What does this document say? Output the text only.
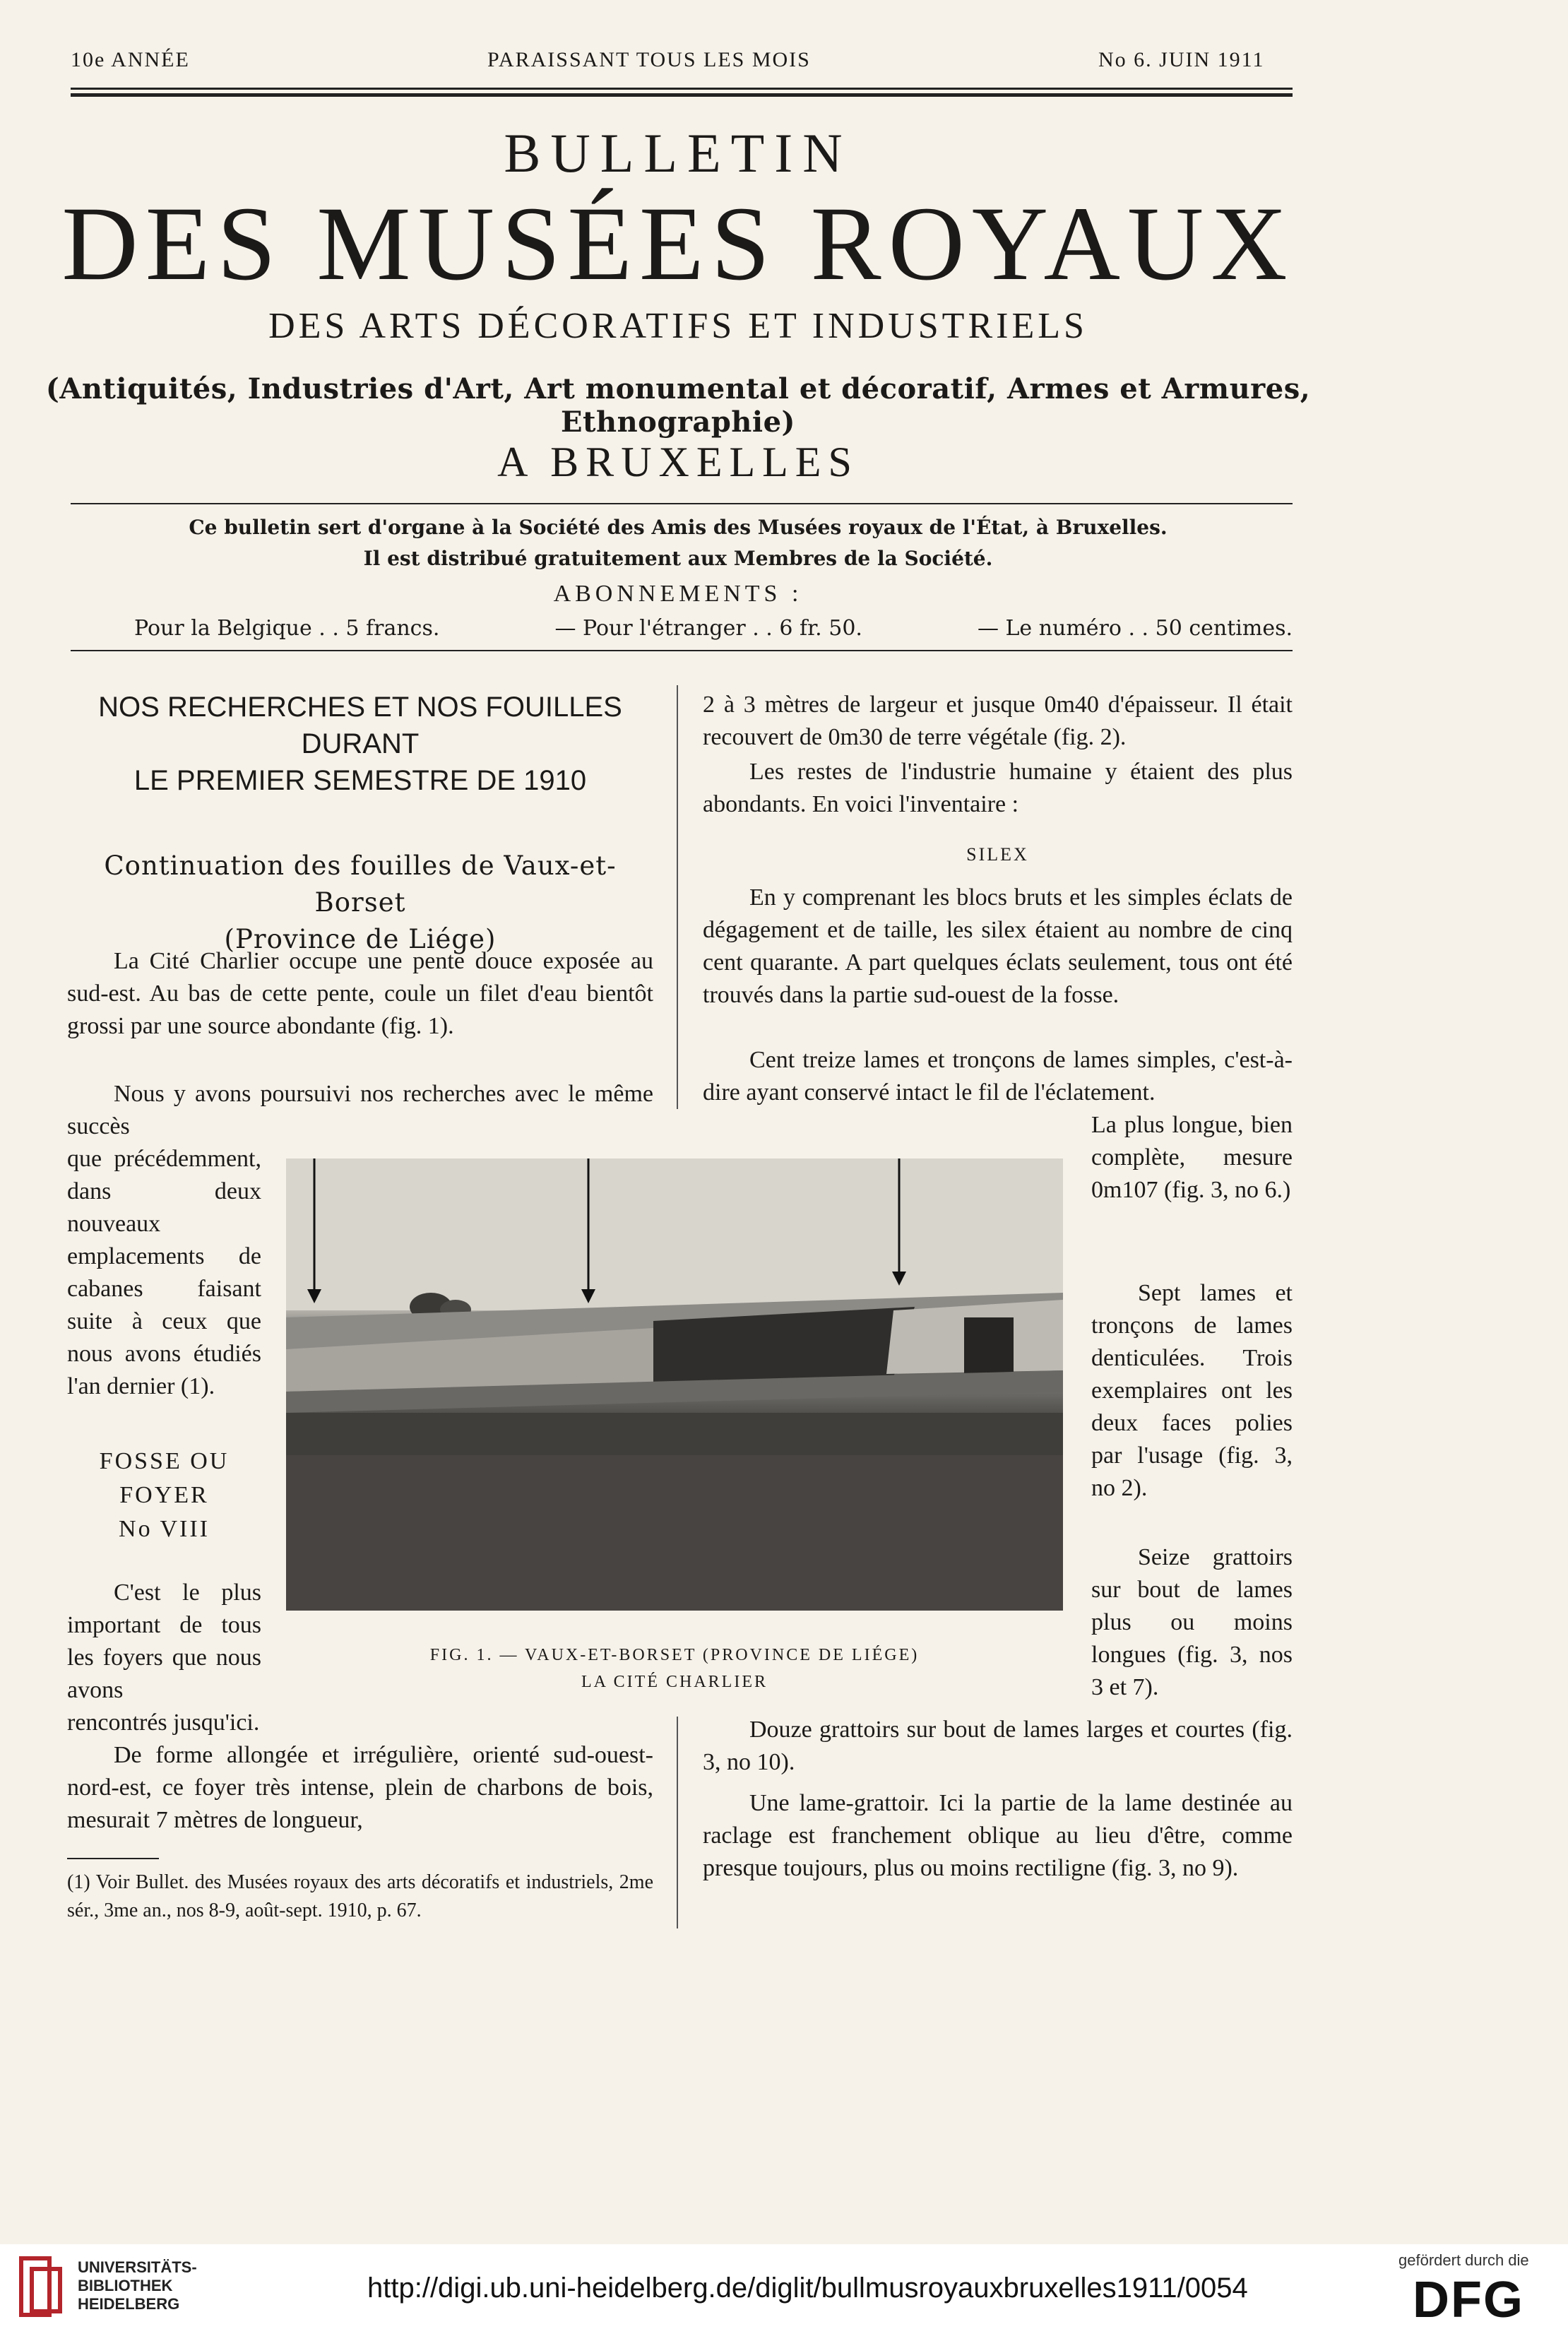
10e ANNÉE	PARAISSANT TOUS LES MOIS	No 6. JUIN 1911
BULLETIN
DES MUSÉES ROYAUX
DES ARTS DÉCORATIFS ET INDUSTRIELS
(Antiquités, Industries d'Art, Art monumental et décoratif, Armes et Armures, Ethnographie)
A BRUXELLES
Ce bulletin sert d'organe à la Société des Amis des Musées royaux de l'État, à Bruxelles.
Il est distribué gratuitement aux Membres de la Société.
ABONNEMENTS :
Pour la Belgique . . 5 francs.	— Pour l'étranger . . 6 fr. 50.	— Le numéro . . 50 centimes.
NOS RECHERCHES ET NOS FOUILLES
DURANT
LE PREMIER SEMESTRE DE 1910
Continuation des fouilles de Vaux-et-Borset
(Province de Liége)

La Cité Charlier occupe une pente douce exposée au sud-est. Au bas de cette pente, coule un filet d'eau bientôt grossi par une source abondante (fig. 1).

Nous y avons poursuivi nos recherches avec le même succès

que précédemment, dans deux nouveaux emplacements de cabanes faisant suite à ceux que nous avons étudiés l'an dernier (1).

FOSSE OU
FOYER
No VIII

C'est le plus important de tous les foyers que nous avons

rencontrés jusqu'ici.

De forme allongée et irrégulière, orienté sud-ouest-nord-est, ce foyer très intense, plein de charbons de bois, mesurait 7 mètres de longueur,

(1) Voir Bullet. des Musées royaux des arts décoratifs et industriels, 2me sér., 3me an., nos 8-9, août-sept. 1910, p. 67.

2 à 3 mètres de largeur et jusque 0m40 d'épaisseur. Il était recouvert de 0m30 de terre végétale (fig. 2).

Les restes de l'industrie humaine y étaient des plus abondants. En voici l'inventaire :

SILEX

En y comprenant les blocs bruts et les simples éclats de dégagement et de taille, les silex étaient au nombre de cinq cent quarante. A part quelques éclats seulement, tous ont été trouvés dans la partie sud-ouest de la fosse.

Cent treize lames et tronçons de lames simples, c'est-à-dire ayant conservé intact le fil de l'éclatement.

La plus longue, bien complète, mesure 0m107 (fig. 3, no 6.)

Sept lames et tronçons de lames denticulées. Trois exemplaires ont les deux faces polies par l'usage (fig. 3, no 2).

Seize grattoirs sur bout de lames plus ou moins longues (fig. 3, nos 3 et 7).

Douze grattoirs sur bout de lames larges et courtes (fig. 3, no 10).

Une lame-grattoir. Ici la partie de la lame destinée au raclage est franchement oblique au lieu d'être, comme presque toujours, plus ou moins rectiligne (fig. 3, no 9).

FIG. 1. — VAUX-ET-BORSET (PROVINCE DE LIÉGE)
LA CITÉ CHARLIER
UNIVERSITÄTS-
BIBLIOTHEK
HEIDELBERG
http://digi.ub.uni-heidelberg.de/diglit/bullmusroyauxbruxelles1911/0054
gefördert durch die
DFG
